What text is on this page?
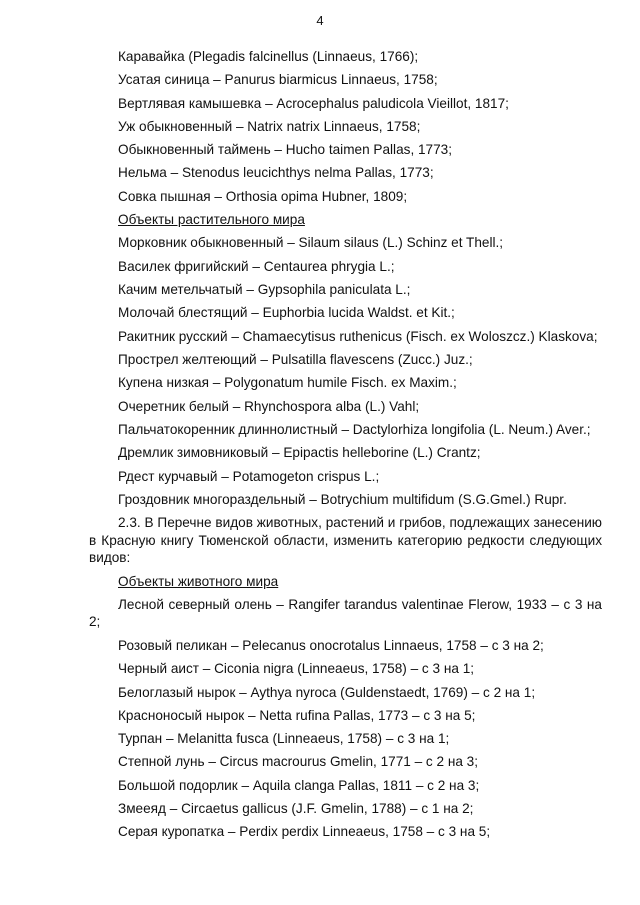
4
Каравайка (Plegadis falcinellus (Linnaeus, 1766);
Усатая синица – Panurus biarmicus Linnaeus, 1758;
Вертлявая камышевка – Acrocephalus paludicola Vieillot, 1817;
Уж обыкновенный – Natrix natrix Linnaeus, 1758;
Обыкновенный таймень – Hucho taimen Pallas, 1773;
Нельма – Stenodus leucichthys nelma Pallas, 1773;
Совка пышная – Orthosia opima Hubner, 1809;
Объекты растительного мира
Морковник обыкновенный – Silaum silaus (L.) Schinz et Thell.;
Василек фригийский – Centaurea phrygia L.;
Качим метельчатый – Gypsophila paniculata L.;
Молочай блестящий – Euphorbia lucida Waldst. et Kit.;
Ракитник русский – Chamaecytisus ruthenicus (Fisch. ex Woloszcz.) Klaskova;
Прострел желтеющий – Pulsatilla flavescens (Zucc.) Juz.;
Купена низкая – Polygonatum humile Fisch. ex Maxim.;
Очеретник белый – Rhynchospora alba (L.) Vahl;
Пальчатокоренник длиннолистный – Dactylorhiza longifolia (L. Neum.) Aver.;
Дремлик зимовниковый – Epipactis helleborine (L.) Crantz;
Рдест курчавый – Potamogeton crispus L.;
Гроздовник многораздельный – Botrychium multifidum (S.G.Gmel.) Rupr.
2.3. В Перечне видов животных, растений и грибов, подлежащих занесению в Красную книгу Тюменской области, изменить категорию редкости следующих видов:
Объекты животного мира
Лесной северный олень – Rangifer tarandus valentinae Flerow, 1933 – с 3 на 2;
Розовый пеликан – Pelecanus onocrotalus Linnaeus, 1758 – с 3 на 2;
Черный аист – Ciconia nigra (Linneaeus, 1758) – с 3 на 1;
Белоглазый нырок – Aythya nyroca (Guldenstaedt, 1769) – с 2 на 1;
Красноносый нырок – Netta rufina Pallas, 1773 – с 3 на 5;
Турпан – Melanitta fusca (Linneaeus, 1758) – с 3 на 1;
Степной лунь – Circus macrourus Gmelin, 1771 – с 2 на 3;
Большой подорлик – Aquila clanga Pallas, 1811 – с 2 на 3;
Змееяд – Circaetus gallicus (J.F. Gmelin, 1788) – с 1 на 2;
Серая куропатка – Perdix perdix Linneaeus, 1758 – с 3 на 5;
